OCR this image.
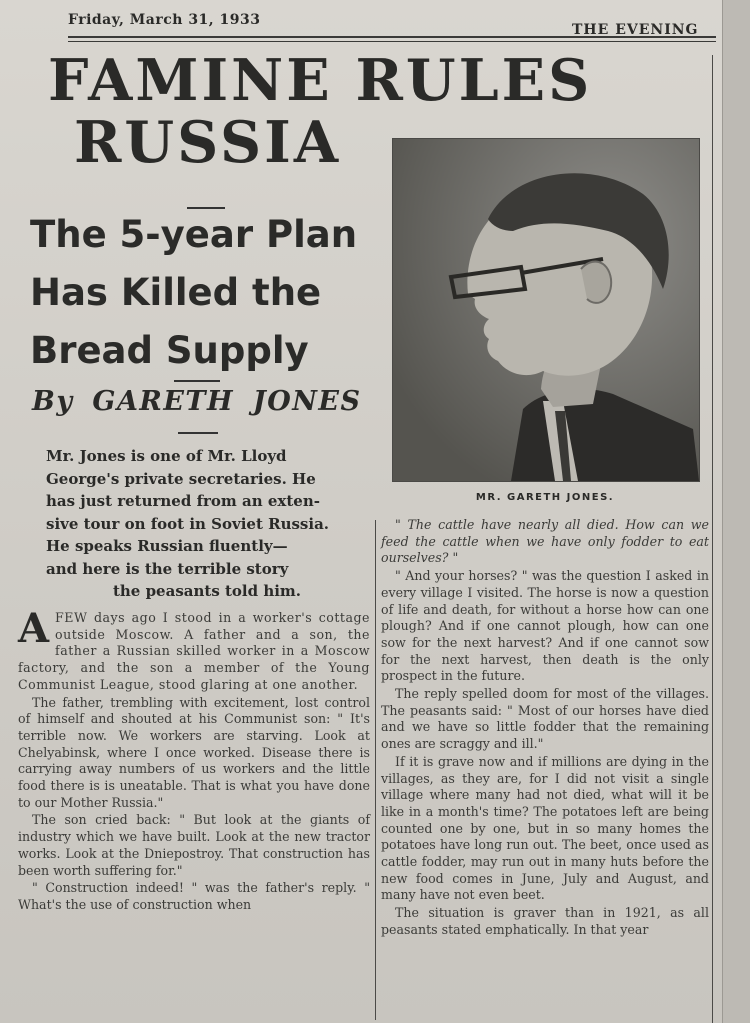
Friday, March 31, 1933
THE EVENING
FAMINE RULES
RUSSIA
The 5-year Plan
Has Killed the
Bread Supply
By GARETH JONES
Mr. Jones is one of Mr. Lloyd
George's private secretaries. He
has just returned from an exten-
sive tour on foot in Soviet Russia.
He speaks Russian fluently—
and here is the terrible story
the peasants told him.
MR. GARETH JONES.

A FEW days ago I stood in a worker's cottage outside Moscow. A father and a son, the father a Russian skilled worker in a Moscow factory, and the son a member of the Young Communist League, stood glaring at one another.

The father, trembling with excitement, lost control of himself and shouted at his Communist son: " It's terrible now. We workers are starving. Look at Chelyabinsk, where I once worked. Disease there is carrying away numbers of us workers and the little food there is is uneatable. That is what you have done to our Mother Russia."

The son cried back: " But look at the giants of industry which we have built. Look at the new tractor works. Look at the Dniepostroy. That construction has been worth suffering for."

" Construction indeed! " was the father's reply. " What's the use of construction when

" The cattle have nearly all died. How can we feed the cattle when we have only fodder to eat ourselves? "

" And your horses? " was the question I asked in every village I visited. The horse is now a question of life and death, for without a horse how can one plough? And if one cannot plough, how can one sow for the next harvest? And if one cannot sow for the next harvest, then death is the only prospect in the future.

The reply spelled doom for most of the villages. The peasants said: " Most of our horses have died and we have so little fodder that the remaining ones are scraggy and ill."

If it is grave now and if millions are dying in the villages, as they are, for I did not visit a single village where many had not died, what will it be like in a month's time? The potatoes left are being counted one by one, but in so many homes the potatoes have long run out. The beet, once used as cattle fodder, may run out in many huts before the new food comes in June, July and August, and many have not even beet.

The situation is graver than in 1921, as all peasants stated emphatically. In that year
